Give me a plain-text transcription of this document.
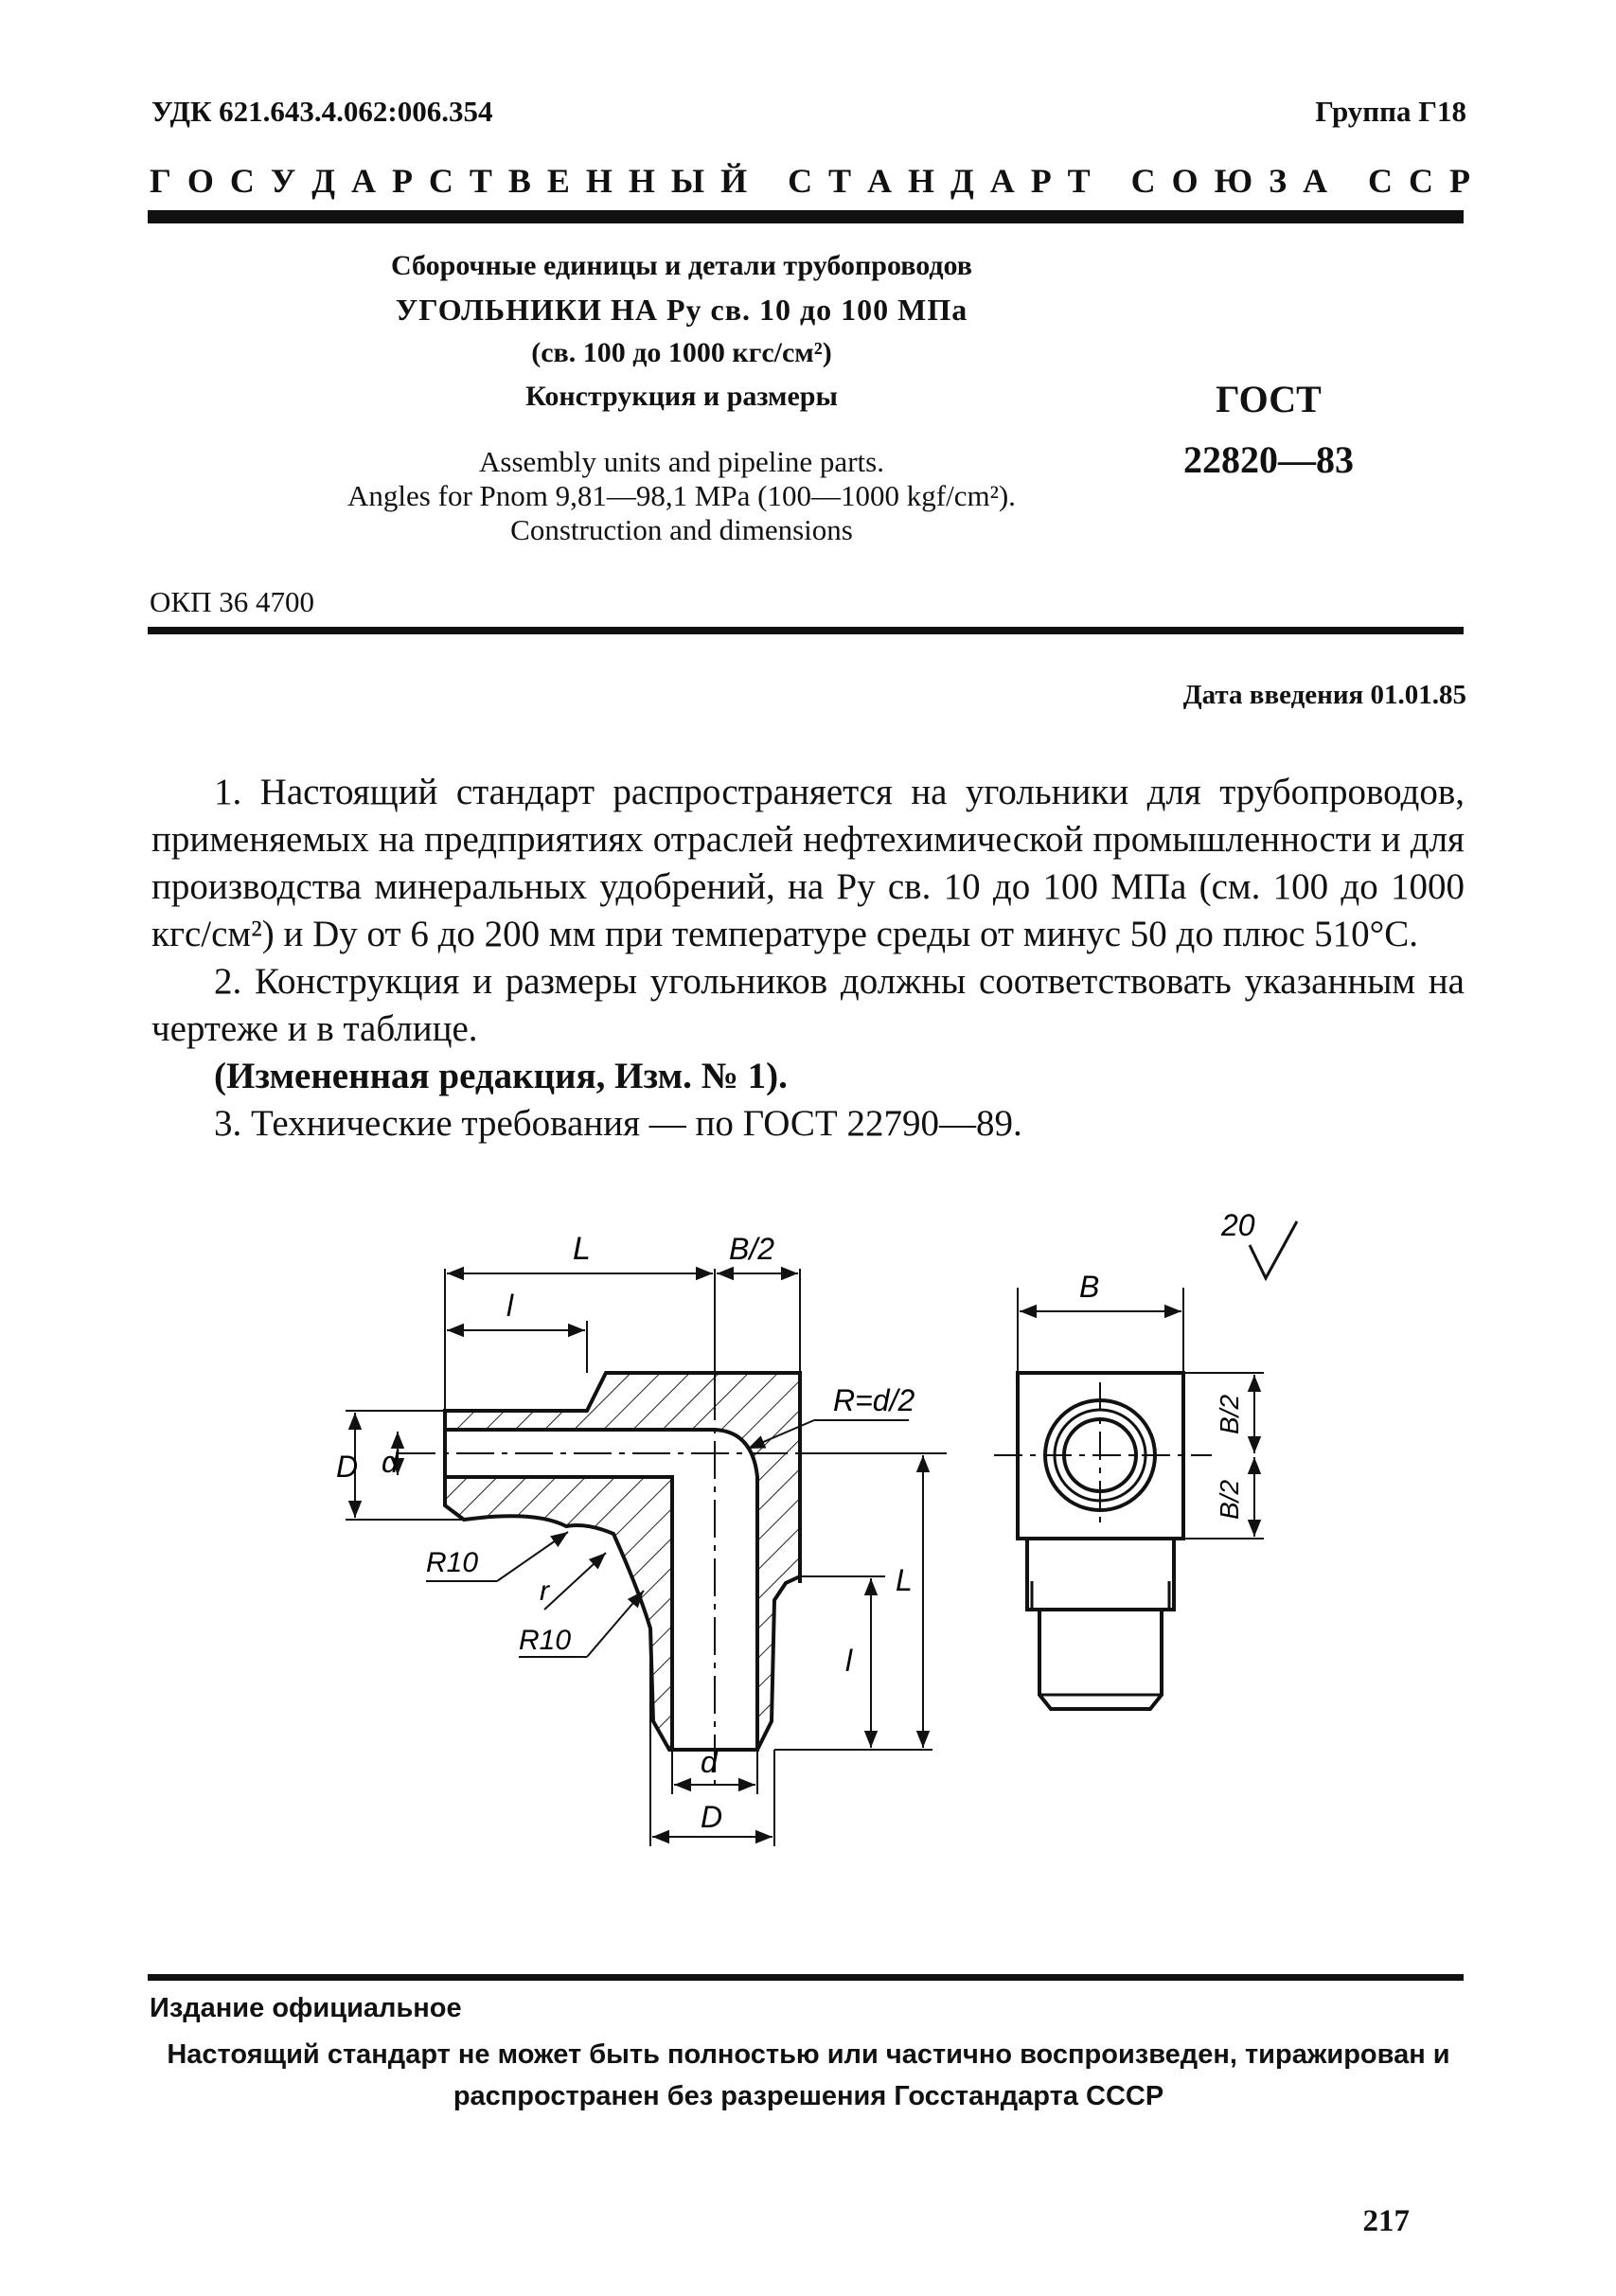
УДК 621.643.4.062:006.354	Группа Г18
Г О С У Д А Р С Т В Е Н Н Ы Й
С Т А Н Д А Р Т
С О Ю З А
С С Р
Сборочные единицы и детали трубопроводов
УГОЛЬНИКИ НА Pу св. 10 до 100 МПа
(св. 100 до 1000 кгс/см²)
Конструкция и размеры
Assembly units and pipeline parts.
Angles for Pnom 9,81—98,1 MPa (100—1000 kgf/cm²).
Construction and dimensions
ГОСТ
22820—83
ОКП 36 4700
Дата введения 01.01.85

1. Настоящий стандарт распространяется на угольники для трубопроводов, применяемых на предприятиях отраслей нефтехимической промышленности и для производства минеральных удобрений, на Pу св. 10 до 100 МПа (см. 100 до 1000 кгс/см²) и Dу от 6 до 200 мм при температуре среды от минус 50 до плюс 510°С.

2. Конструкция и размеры угольников должны соответствовать указанным на чертеже и в таблице.

(Измененная редакция, Изм. № 1).

3. Технические требования — по ГОСТ 22790—89.

L	B/2
l
D d
R=d/2
R10
r
R10
L
l
d
D
B
B/2
B/2
20
Издание официальное
Настоящий стандарт не может быть полностью или частично воспроизведен, тиражирован и распространен без разрешения Госстандарта СССР
217
